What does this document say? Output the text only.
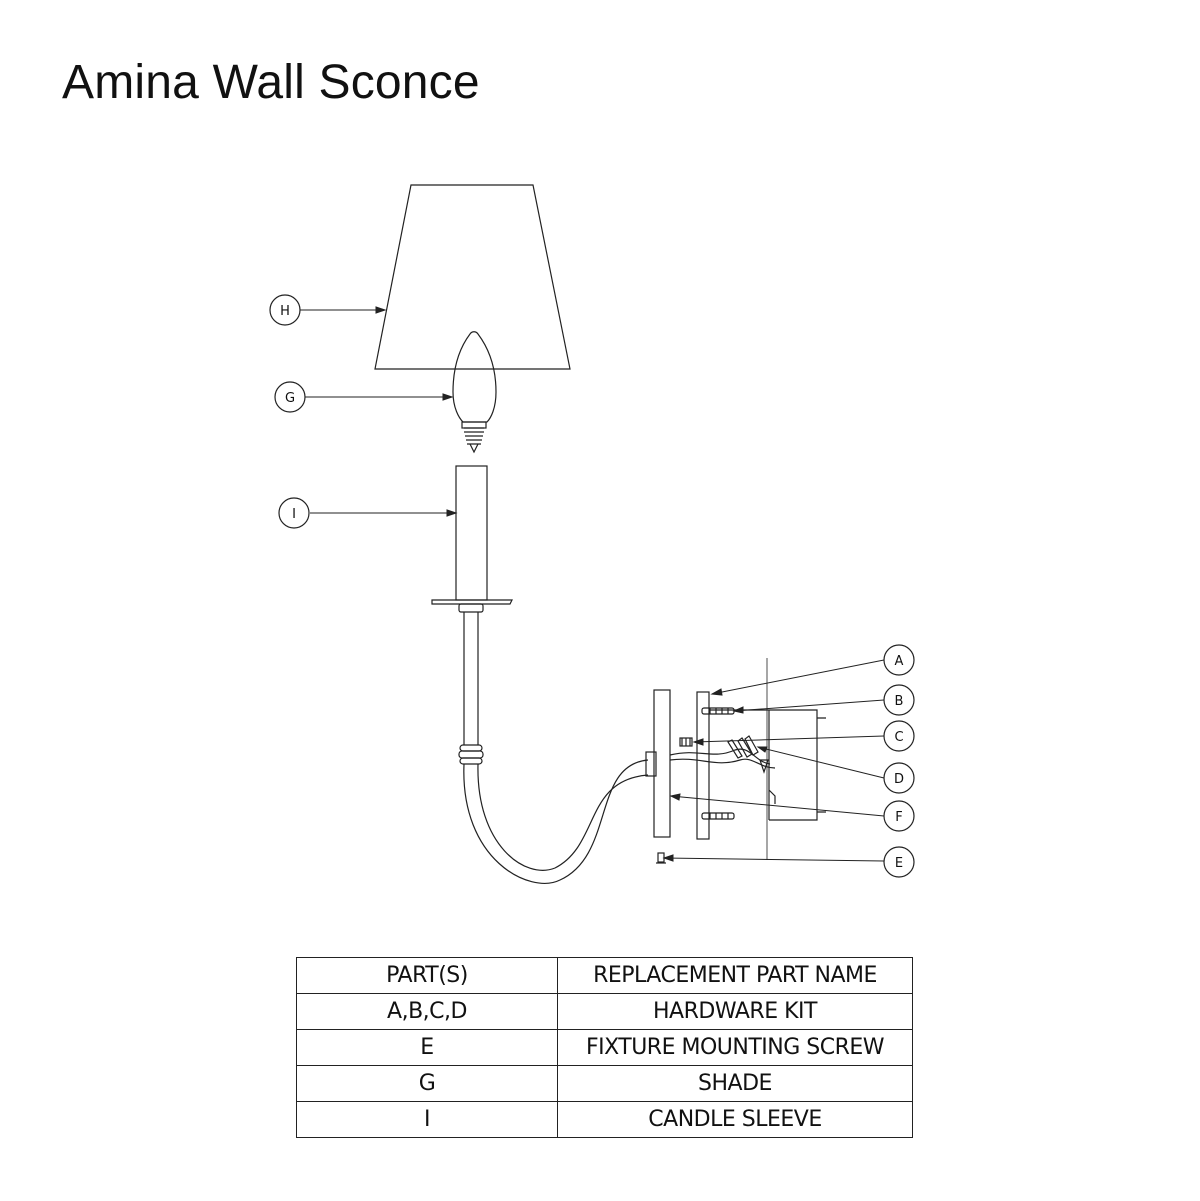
Amina Wall Sconce
H
G
I
A
B
C
D
F
E
PART(S)	REPLACEMENT PART NAME
A,B,C,D	HARDWARE KIT
E	FIXTURE MOUNTING SCREW
G	SHADE
I	CANDLE SLEEVE
